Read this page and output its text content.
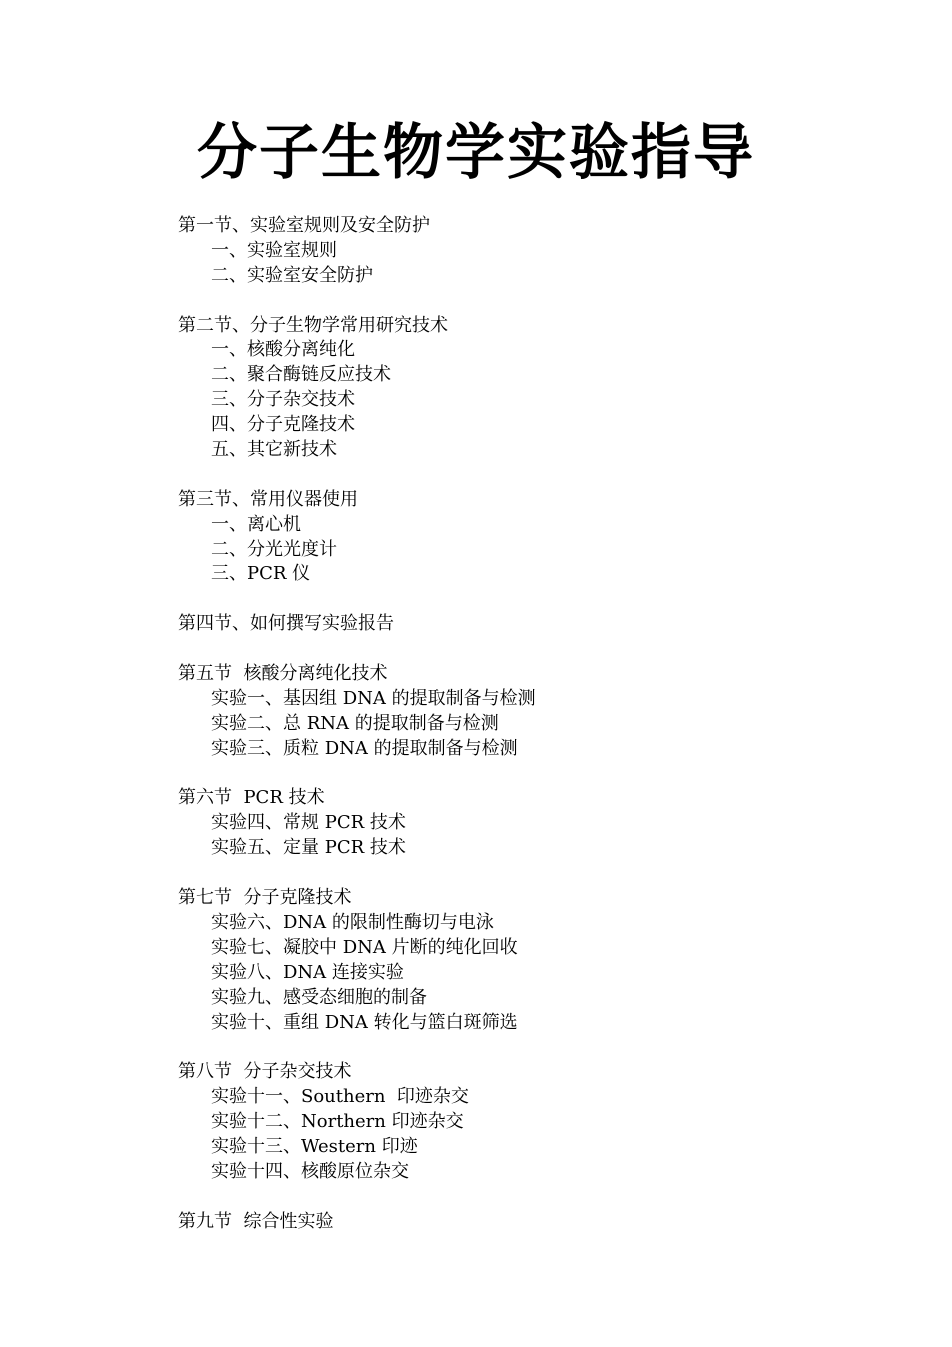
分子生物学实验指导
第一节、实验室规则及安全防护
一、实验室规则
二、实验室安全防护
第二节、分子生物学常用研究技术
一、核酸分离纯化
二、聚合酶链反应技术
三、分子杂交技术
四、分子克隆技术
五、其它新技术
第三节、常用仪器使用
一、离心机
二、分光光度计
三、PCR 仪
第四节、如何撰写实验报告
第五节  核酸分离纯化技术
实验一、基因组 DNA 的提取制备与检测
实验二、总 RNA 的提取制备与检测
实验三、质粒 DNA 的提取制备与检测
第六节  PCR 技术
实验四、常规 PCR 技术
实验五、定量 PCR 技术
第七节  分子克隆技术
实验六、DNA 的限制性酶切与电泳
实验七、凝胶中 DNA 片断的纯化回收
实验八、DNA 连接实验
实验九、感受态细胞的制备
实验十、重组 DNA 转化与篮白斑筛选
第八节  分子杂交技术
实验十一、Southern  印迹杂交
实验十二、Northern 印迹杂交
实验十三、Western 印迹
实验十四、核酸原位杂交
第九节  综合性实验
